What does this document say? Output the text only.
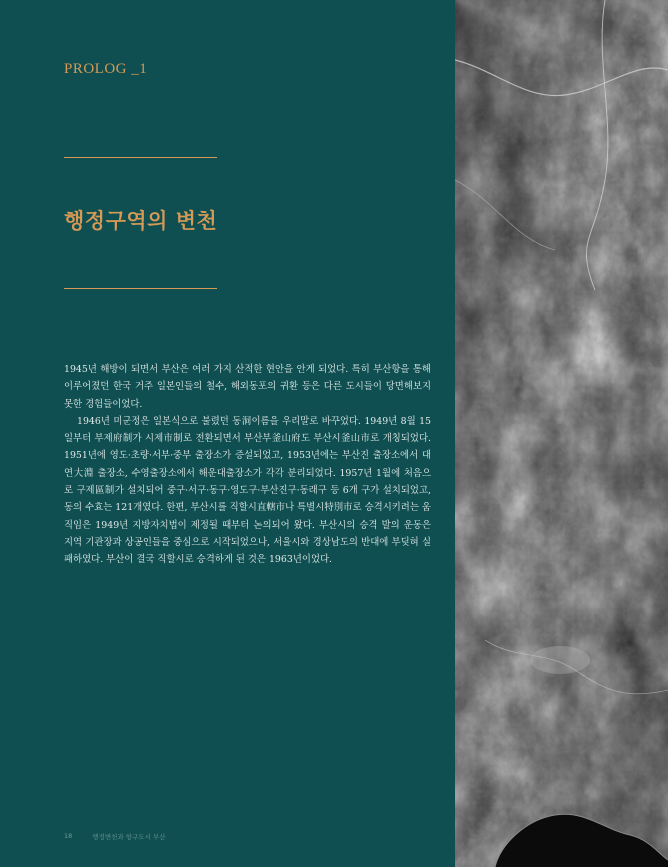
PROLOG _1
행정구역의 변천

1945년 해방이 되면서 부산은 여러 가지 산적한 현안을 안게 되었다. 특히 부산항을 통해 이루어졌던 한국 거주 일본인들의 철수, 해외동포의 귀환 등은 다른 도시들이 당면해보지 못한 경험들이었다.

1946년 미군정은 일본식으로 불렸던 동洞이름을 우리말로 바꾸었다. 1949년 8월 15일부터 부제府制가 시제市制로 전환되면서 부산부釜山府도 부산시釜山市로 개칭되었다. 1951년에 영도·초량·서부·중부 출장소가 증설되었고, 1953년에는 부산진 출장소에서 대연大淵 출장소, 수영출장소에서 해운대출장소가 각각 분리되었다. 1957년 1월에 처음으로 구제區制가 설치되어 중구·서구·동구·영도구·부산진구·동래구 등 6개 구가 설치되었고, 동의 수효는 121개였다. 한편, 부산시를 직할시直轄市나 특별시特別市로 승격시키려는 움직임은 1949년 지방자치법이 제정될 때부터 논의되어 왔다. 부산시의 승격 발의 운동은 지역 기관장과 상공인들을 중심으로 시작되었으나, 서울시와 경상남도의 반대에 부딪혀 실패하였다. 부산이 결국 직할시로 승격하게 된 것은 1963년이었다.

18	행정변천과 항구도시 부산
